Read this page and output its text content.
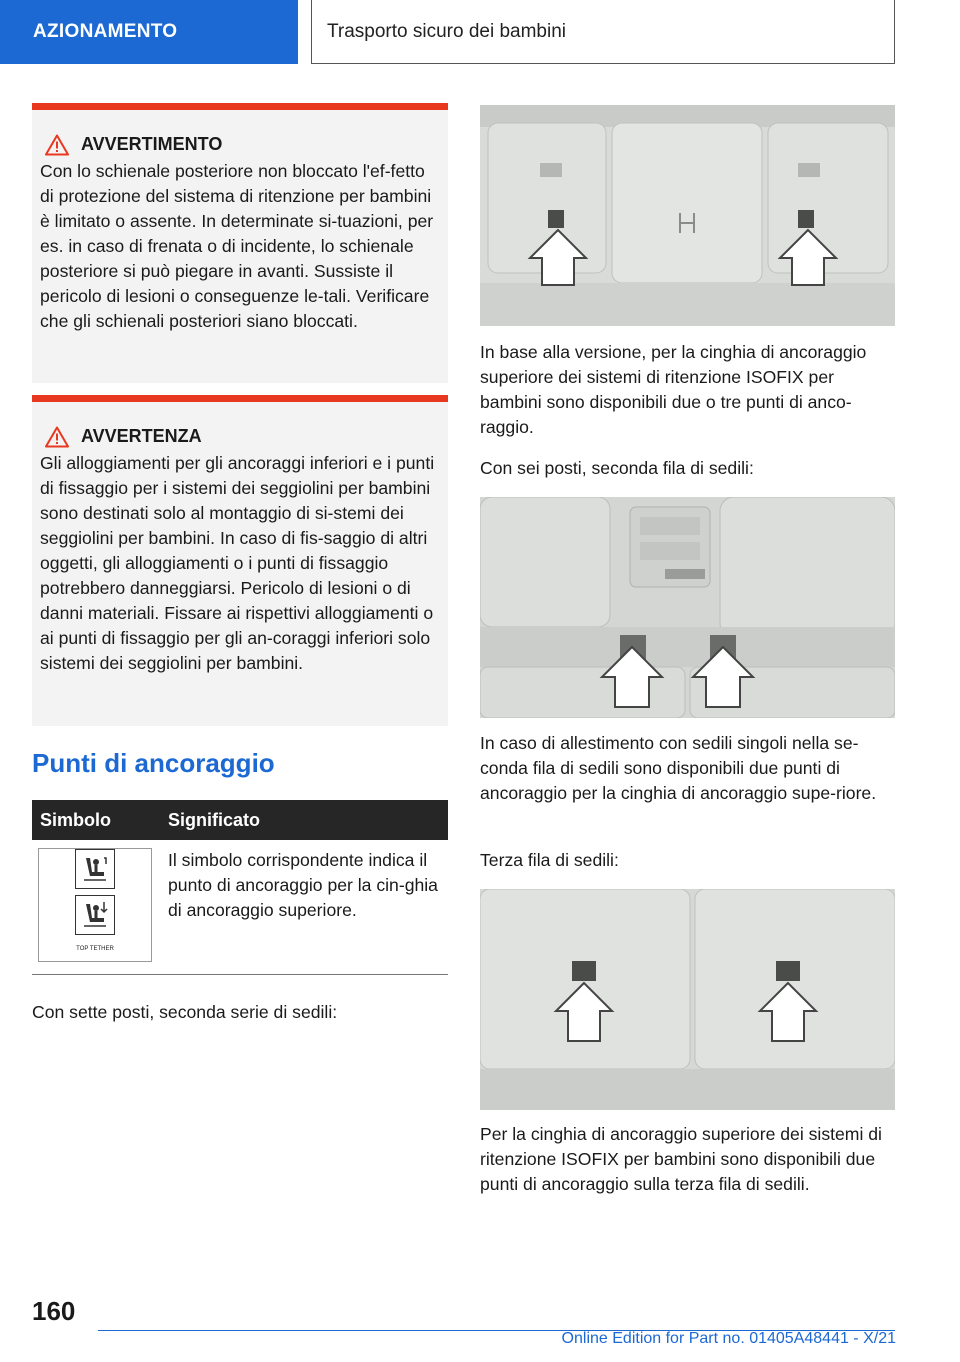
AZIONAMENTO	Trasporto sicuro dei bambini
AVVERTIMENTO

Con lo schienale posteriore non bloccato l'ef-fetto di protezione del sistema di ritenzione per bambini è limitato o assente. In determinate si-tuazioni, per es. in caso di frenata o di incidente, lo schienale posteriore si può piegare in avanti. Sussiste il pericolo di lesioni o conseguenze le-tali. Verificare che gli schienali posteriori siano bloccati.

AVVERTENZA

Gli alloggiamenti per gli ancoraggi inferiori e i punti di fissaggio per i sistemi dei seggiolini per bambini sono destinati solo al montaggio di si-stemi dei seggiolini per bambini. In caso di fis-saggio di altri oggetti, gli alloggiamenti o i punti di fissaggio potrebbero danneggiarsi. Pericolo di lesioni o di danni materiali. Fissare ai rispettivi alloggiamenti o ai punti di fissaggio per gli an-coraggi inferiori solo sistemi dei seggiolini per bambini.

Punti di ancoraggio
Simbolo	Significato

TOP TETHER	Il simbolo corrispondente indica il punto di ancoraggio per la cin-ghia di ancoraggio superiore.

Con sette posti, seconda serie di sedili:

In base alla versione, per la cinghia di ancoraggio superiore dei sistemi di ritenzione ISOFIX per bambini sono disponibili due o tre punti di anco-raggio.

Con sei posti, seconda fila di sedili:

In caso di allestimento con sedili singoli nella se-conda fila di sedili sono disponibili due punti di ancoraggio per la cinghia di ancoraggio supe-riore.

Terza fila di sedili:

Per la cinghia di ancoraggio superiore dei sistemi di ritenzione ISOFIX per bambini sono disponibili due punti di ancoraggio sulla terza fila di sedili.

160

Online Edition for Part no. 01405A48441 - X/21
